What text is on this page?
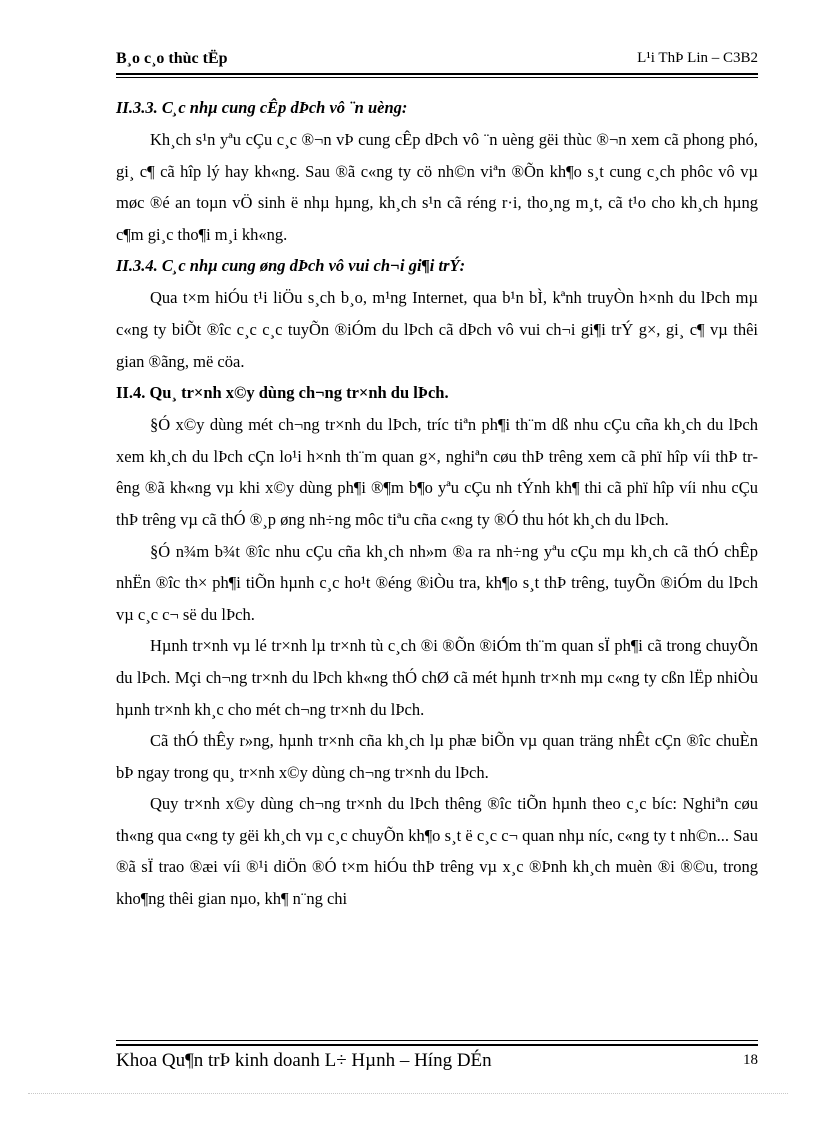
B¸o c¸o thùc tËp	L¹i ThÞ Lin – C3B2
II.3.3. C¸c nhµ cung cÊp dÞch vô ¨n uèng:

Kh¸ch s¹n yªu cÇu c¸c ®¬n vÞ cung cÊp dÞch vô ¨n uèng gëi thùc ®¬n xem cã phong phó, gi¸ c¶ cã hîp lý hay kh«ng. Sau ®ã c«ng ty cö nh©n viªn ®Õn kh¶o s¸t cung c¸ch phôc vô vµ møc ®é an toµn vÖ sinh ë nhµ hµng, kh¸ch s¹n cã réng r·i, tho¸ng m¸t, cã t¹o cho kh¸ch hµng c¶m gi¸c tho¶i m¸i kh«ng.

II.3.4. C¸c nhµ cung øng dÞch vô vui ch¬i gi¶i trÝ:

Qua t×m hiÓu t¹i liÖu s¸ch b¸o, m¹ng Internet, qua b¹n bÌ, kªnh truyÒn h×nh du lÞch mµ c«ng ty biÕt ®îc c¸c c¸c tuyÕn ®iÓm du lÞch cã dÞch vô vui ch¬i gi¶i trÝ g×, gi¸ c¶ vµ thêi gian ®ãng, më cöa.

II.4. Qu¸ tr×nh x©y dùng ch¬ng tr×nh du lÞch.

§Ó x©y dùng mét ch¬ng tr×nh du lÞch, tríc tiªn ph¶i th¨m dß nhu cÇu cña kh¸ch du lÞch xem kh¸ch du lÞch cÇn lo¹i h×nh th¨m quan g×, nghiªn cøu thÞ trêng xem cã phï hîp víi thÞ trêng ®ã kh«ng vµ khi x©y dùng ph¶i ®¶m b¶o yªu cÇu nh tÝnh kh¶ thi cã phï hîp víi nhu cÇu thÞ trêng vµ cã thÓ ®¸p øng nh÷ng môc tiªu cña c«ng ty ®Ó thu hót kh¸ch du lÞch.

§Ó n¾m b¾t ®îc nhu cÇu cña kh¸ch nh»m ®a ra nh÷ng yªu cÇu mµ kh¸ch cã thÓ chÊp nhËn ®îc th× ph¶i tiÕn hµnh c¸c ho¹t ®éng ®iÒu tra, kh¶o s¸t thÞ trêng, tuyÕn ®iÓm du lÞch vµ c¸c c¬ së du lÞch.

Hµnh tr×nh vµ lé tr×nh lµ tr×nh tù c¸ch ®i ®Õn ®iÓm th¨m quan sÏ ph¶i cã trong chuyÕn du lÞch. Mçi ch¬ng tr×nh du lÞch kh«ng thÓ chØ cã mét hµnh tr×nh mµ c«ng ty cßn lËp nhiÒu hµnh tr×nh kh¸c cho mét ch¬ng tr×nh du lÞch.

Cã thÓ thÊy r»ng, hµnh tr×nh cña kh¸ch lµ phæ biÕn vµ quan träng nhÊt cÇn ®îc chuÈn bÞ ngay trong qu¸ tr×nh x©y dùng ch¬ng tr×nh du lÞch.

Quy tr×nh x©y dùng ch¬ng tr×nh du lÞch thêng ®îc tiÕn hµnh theo c¸c bíc: Nghiªn cøu th«ng qua c«ng ty gëi kh¸ch vµ c¸c chuyÕn kh¶o s¸t ë c¸c c¬ quan nhµ níc, c«ng ty t nh©n... Sau ®ã sÏ trao ®æi víi ®¹i diÖn ®Ó t×m hiÓu thÞ trêng vµ x¸c ®Þnh kh¸ch muèn ®i ®©u, trong kho¶ng thêi gian nµo, kh¶ n¨ng chi

Khoa Qu¶n trÞ kinh doanh L÷ Hµnh – Híng DÉn	18
